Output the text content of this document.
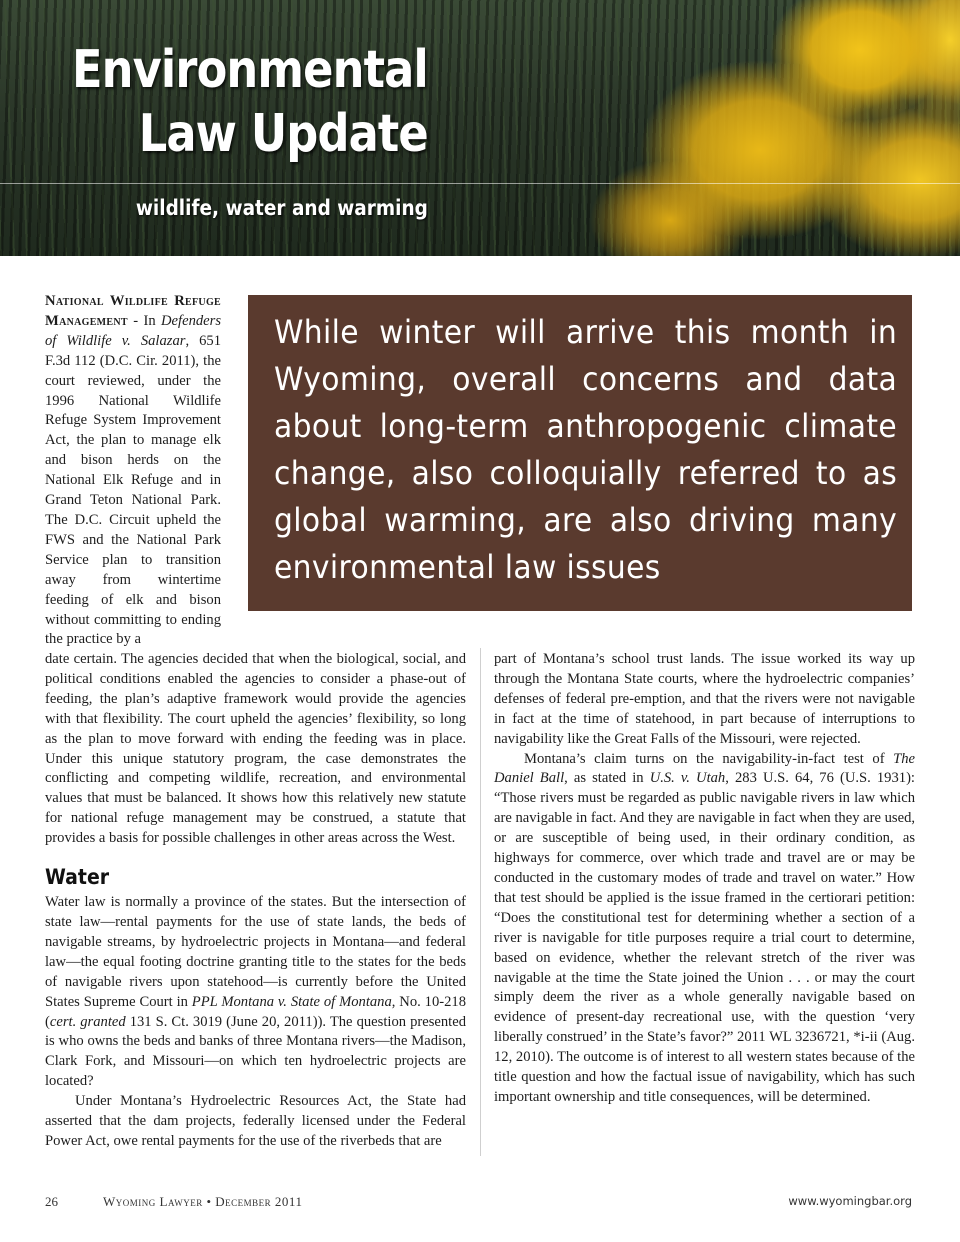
Environmental
Law Update
wildlife, water and warming

While winter will arrive this month in Wyoming, overall concerns and data about long-term anthropogenic climate change, also colloquially referred to as global warming, are also driving many environmental law issues

National Wildlife Refuge Management - In Defenders of Wildlife v. Salazar, 651 F.3d 112 (D.C. Cir. 2011), the court reviewed, under the 1996 National Wildlife Refuge System Improvement Act, the plan to manage elk and bison herds on the National Elk Refuge and in Grand Teton National Park. The D.C. Circuit upheld the FWS and the National Park Service plan to transition away from wintertime feeding of elk and bison without committing to ending the practice by a

date certain. The agencies decided that when the biological, social, and political conditions enabled the agencies to consider a phase-out of feeding, the plan’s adaptive framework would provide the agencies with that flexibility. The court upheld the agencies’ flexibility, so long as the plan to move forward with ending the feeding was in place. Under this unique statutory program, the case demonstrates the conflicting and competing wildlife, recreation, and environmental values that must be balanced. It shows how this relatively new statute for national refuge management may be construed, a statute that provides a basis for possible challenges in other areas across the West.

Water

Water law is normally a province of the states. But the intersection of state law—rental payments for the use of state lands, the beds of navigable streams, by hydroelectric projects in Montana—and federal law—the equal footing doctrine granting title to the states for the beds of navigable rivers upon statehood—is currently before the United States Supreme Court in PPL Montana v. State of Montana, No. 10-218 (cert. granted 131 S. Ct. 3019 (June 20, 2011)). The question presented is who owns the beds and banks of three Montana rivers—the Madison, Clark Fork, and Missouri—on which ten hydroelectric projects are located?

Under Montana’s Hydroelectric Resources Act, the State had asserted that the dam projects, federally licensed under the Federal Power Act, owe rental payments for the use of the riverbeds that are

part of Montana’s school trust lands. The issue worked its way up through the Montana State courts, where the hydroelectric companies’ defenses of federal pre-emption, and that the rivers were not navigable in fact at the time of statehood, in part because of interruptions to navigability like the Great Falls of the Missouri, were rejected.

Montana’s claim turns on the navigability-in-fact test of The Daniel Ball, as stated in U.S. v. Utah, 283 U.S. 64, 76 (U.S. 1931): “Those rivers must be regarded as public navigable rivers in law which are navigable in fact. And they are navigable in fact when they are used, or are susceptible of being used, in their ordinary condition, as highways for commerce, over which trade and travel are or may be conducted in the customary modes of trade and travel on water.” How that test should be applied is the issue framed in the certiorari petition: “Does the constitutional test for determining whether a section of a river is navigable for title purposes require a trial court to determine, based on evidence, whether the relevant stretch of the river was navigable at the time the State joined the Union . . . or may the court simply deem the river as a whole generally navigable based on evidence of present-day recreational use, with the question ‘very liberally construed’ in the State’s favor?” 2011 WL 3236721, *i-ii (Aug. 12, 2010). The outcome is of interest to all western states because of the title question and how the factual issue of navigability, which has such important ownership and title consequences, will be determined.

26	Wyoming Lawyer • December 2011	www.wyomingbar.org
